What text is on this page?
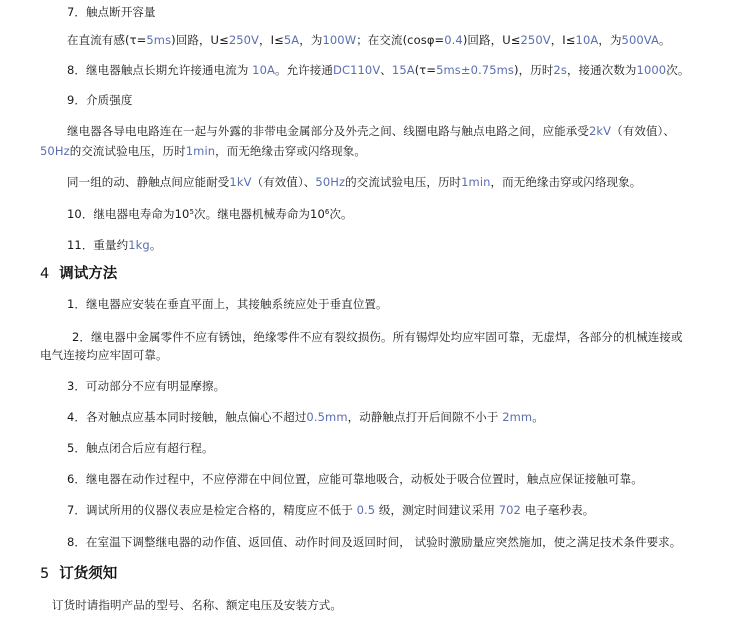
7．触点断开容量
在直流有感(τ=5ms)回路，U≤250V，I≤5A，为100W；在交流(cosφ=0.4)回路，U≤250V，I≤10A，为500VA。
8．继电器触点长期允许接通电流为 10A。允许接通DC110V、15A(τ=5ms±0.75ms)，历时2s，接通次数为1000次。
9．介质强度
继电器各导电电路连在一起与外露的非带电金属部分及外壳之间、线圈电路与触点电路之间，应能承受2kV（有效值）、
50Hz的交流试验电压，历时1min，而无绝缘击穿或闪络现象。
同一组的动、静触点间应能耐受1kV（有效值）、50Hz的交流试验电压，历时1min，而无绝缘击穿或闪络现象。
10．继电器电寿命为$10^5$次。继电器机械寿命为$10^6$次。
11．重量约1kg。
4 调试方法
1．继电器应安装在垂直平面上，其接触系统应处于垂直位置。
2．继电器中金属零件不应有锈蚀，绝缘零件不应有裂纹损伤。所有锡焊处均应牢固可靠，无虚焊，各部分的机械连接或
电气连接均应牢固可靠。
3．可动部分不应有明显摩擦。
4．各对触点应基本同时接触，触点偏心不超过0.5mm，动静触点打开后间隙不小于 2mm。
5．触点闭合后应有超行程。
6．继电器在动作过程中，不应停滞在中间位置，应能可靠地吸合，动板处于吸合位置时，触点应保证接触可靠。
7．调试所用的仪器仪表应是检定合格的，精度应不低于 0.5 级，测定时间建议采用 702 电子毫秒表。
8．在室温下调整继电器的动作值、返回值、动作时间及返回时间， 试验时激励量应突然施加，使之满足技术条件要求。
5 订货须知
订货时请指明产品的型号、名称、额定电压及安装方式。
